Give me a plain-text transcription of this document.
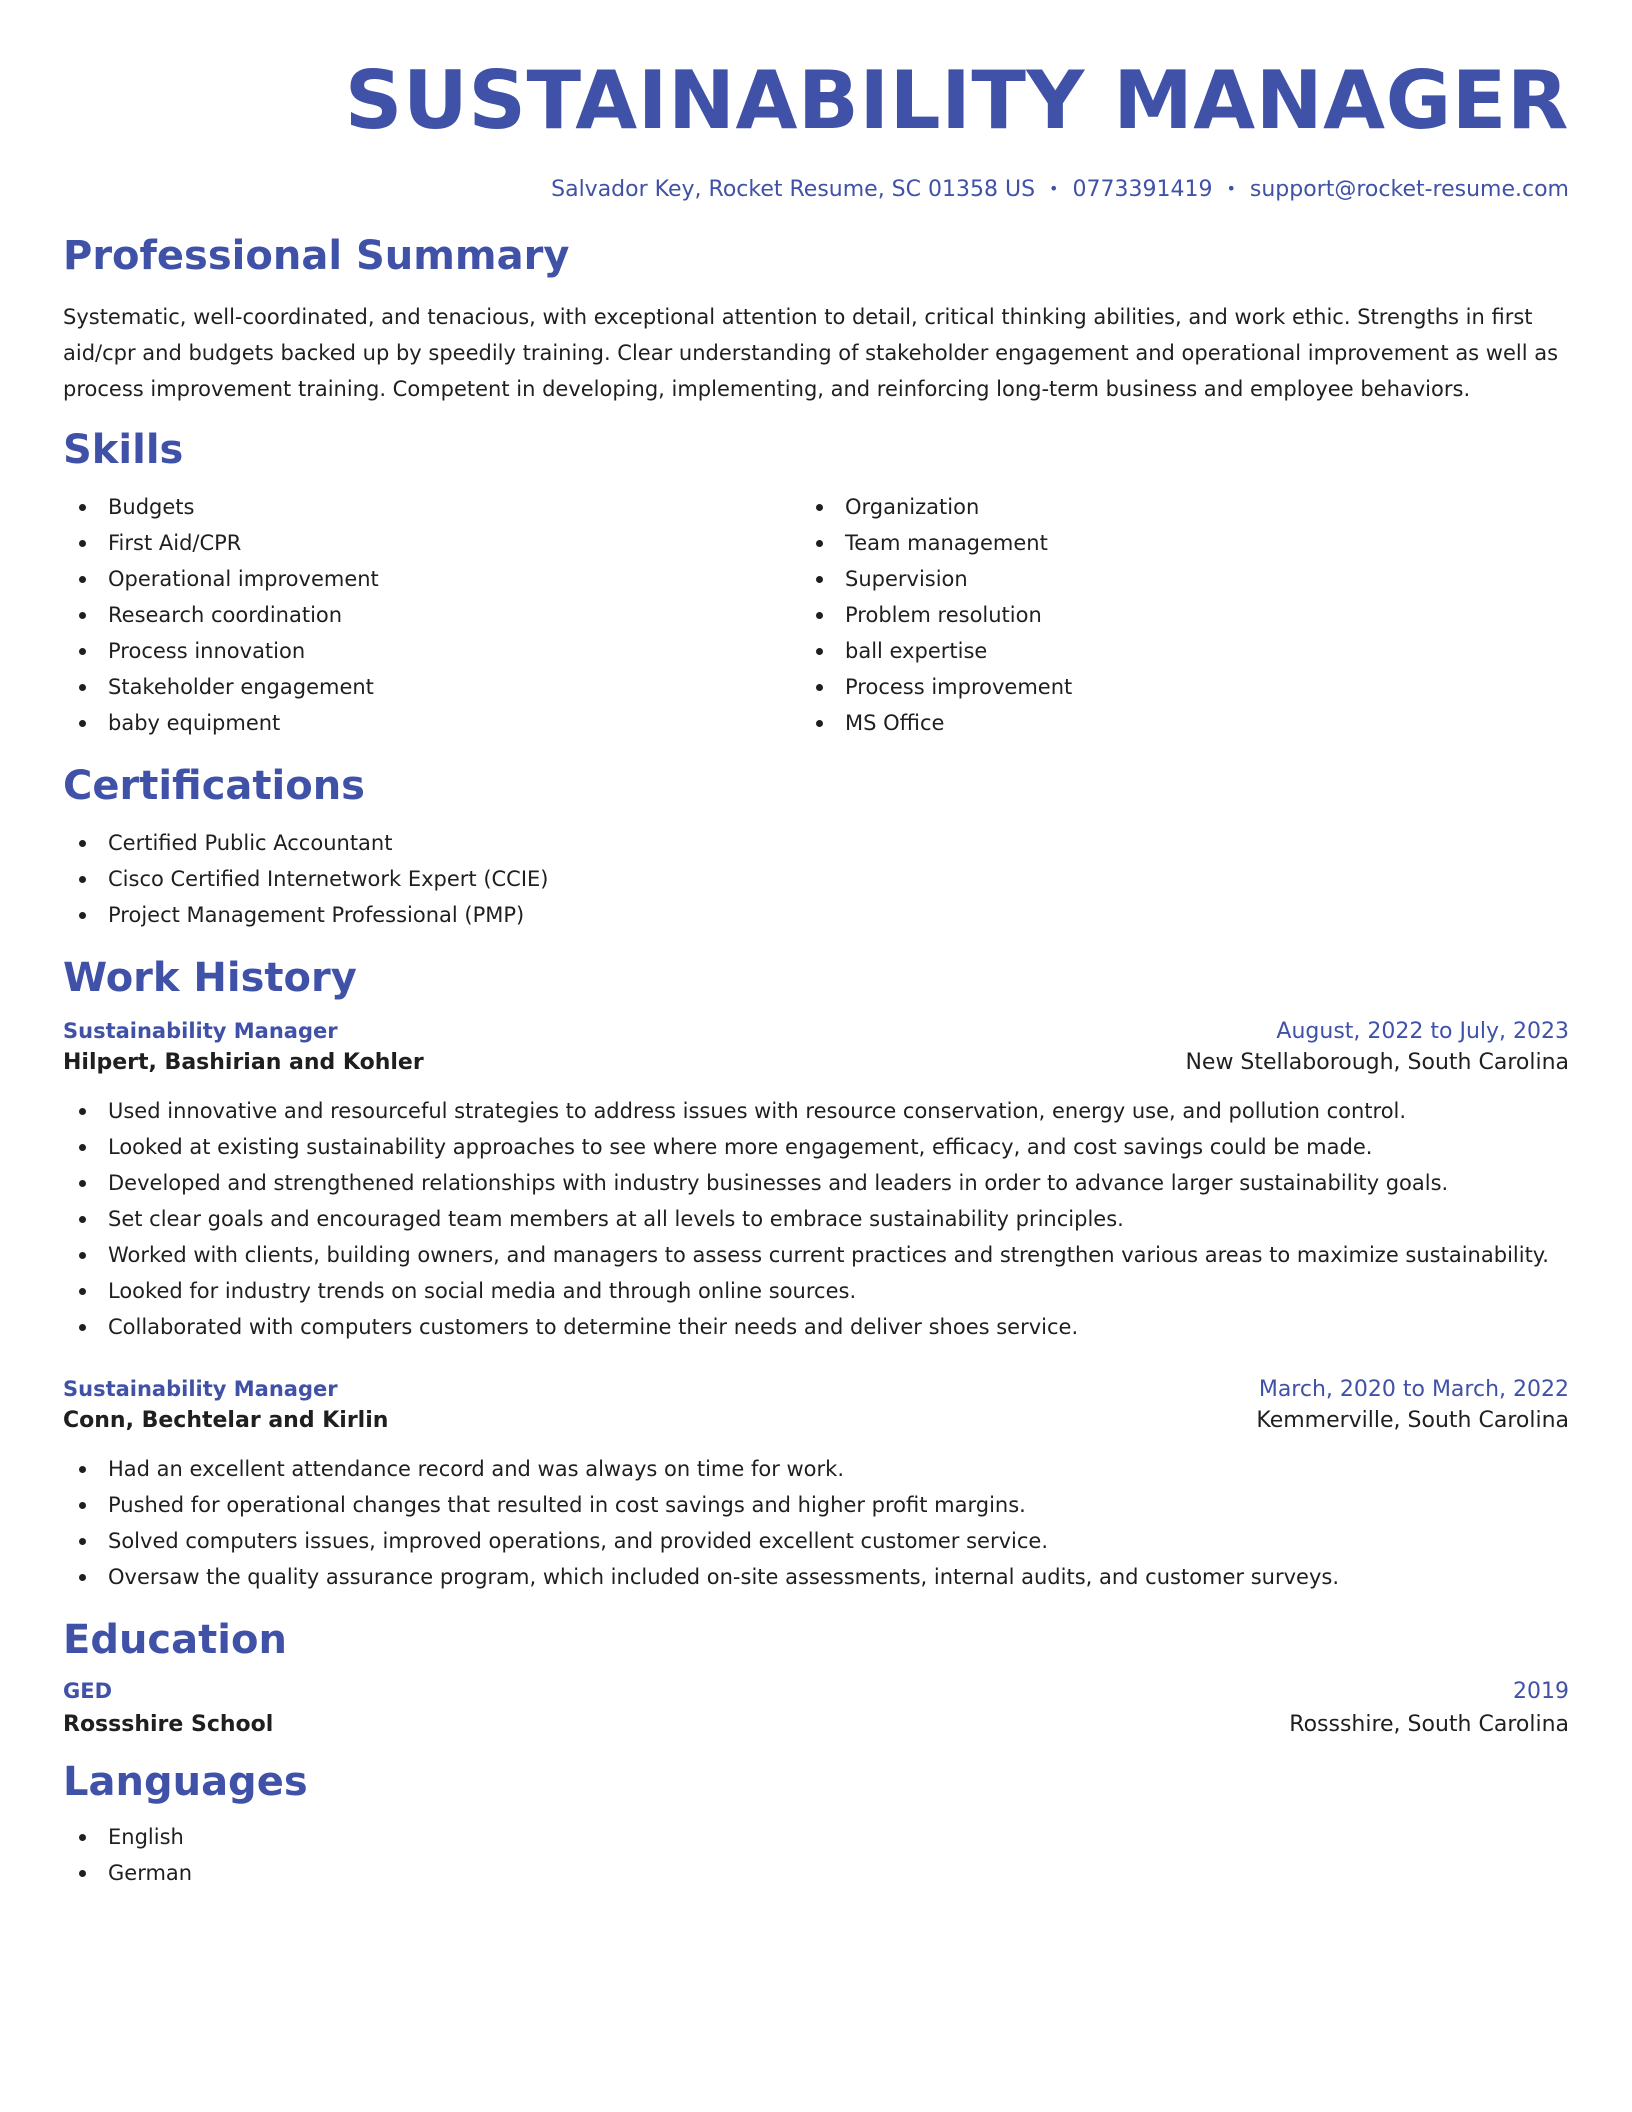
SUSTAINABILITY MANAGER
Salvador Key, Rocket Resume, SC 01358 US • 0773391419 • support@rocket-resume.com
Professional Summary
Systematic, well-coordinated, and tenacious, with exceptional attention to detail, critical thinking abilities, and work ethic. Strengths in first aid/cpr and budgets backed up by speedily training. Clear understanding of stakeholder engagement and operational improvement as well as process improvement training. Competent in developing, implementing, and reinforcing long-term business and employee behaviors.
Skills
Budgets
First Aid/CPR
Operational improvement
Research coordination
Process innovation
Stakeholder engagement
baby equipment
Organization
Team management
Supervision
Problem resolution
ball expertise
Process improvement
MS Office
Certifications
Certified Public Accountant
Cisco Certified Internetwork Expert (CCIE)
Project Management Professional (PMP)
Work History
Sustainability Manager	August, 2022 to July, 2023
Hilpert, Bashirian and Kohler	New Stellaborough, South Carolina
Used innovative and resourceful strategies to address issues with resource conservation, energy use, and pollution control.
Looked at existing sustainability approaches to see where more engagement, efficacy, and cost savings could be made.
Developed and strengthened relationships with industry businesses and leaders in order to advance larger sustainability goals.
Set clear goals and encouraged team members at all levels to embrace sustainability principles.
Worked with clients, building owners, and managers to assess current practices and strengthen various areas to maximize sustainability.
Looked for industry trends on social media and through online sources.
Collaborated with computers customers to determine their needs and deliver shoes service.
Sustainability Manager	March, 2020 to March, 2022
Conn, Bechtelar and Kirlin	Kemmerville, South Carolina
Had an excellent attendance record and was always on time for work.
Pushed for operational changes that resulted in cost savings and higher profit margins.
Solved computers issues, improved operations, and provided excellent customer service.
Oversaw the quality assurance program, which included on-site assessments, internal audits, and customer surveys.
Education
GED	2019
Rossshire School	Rossshire, South Carolina
Languages
English
German
